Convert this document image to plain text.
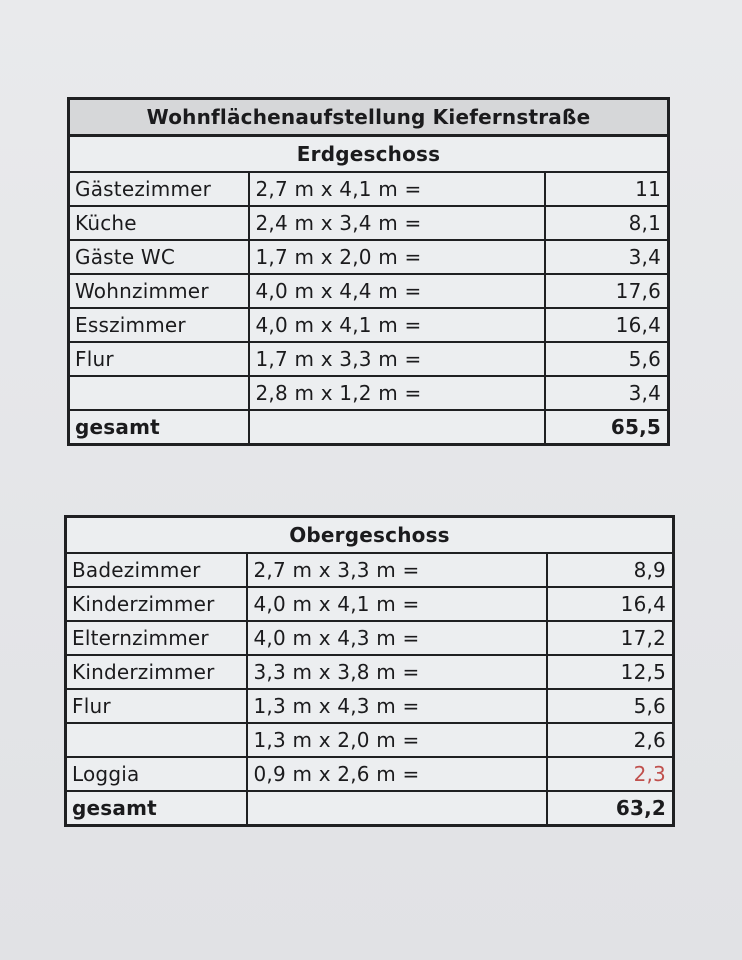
Wohnflächenaufstellung Kiefernstraße		
Erdgeschoss		
Gästezimmer	2,7 m x 4,1 m =	11
Küche	2,4 m x 3,4 m =	8,1
Gäste WC	1,7 m x 2,0 m =	3,4
Wohnzimmer	4,0 m x 4,4 m =	17,6
Esszimmer	4,0 m x 4,1 m =	16,4
Flur	1,7 m x 3,3 m =	5,6
	2,8 m x 1,2 m =	3,4
gesamt		65,5
Obergeschoss		
Badezimmer	2,7 m x 3,3 m =	8,9
Kinderzimmer	4,0 m x 4,1 m =	16,4
Elternzimmer	4,0 m x 4,3 m =	17,2
Kinderzimmer	3,3 m x 3,8 m =	12,5
Flur	1,3 m x 4,3 m =	5,6
	1,3 m x 2,0 m =	2,6
Loggia	0,9 m x 2,6 m =	2,3
gesamt		63,2
